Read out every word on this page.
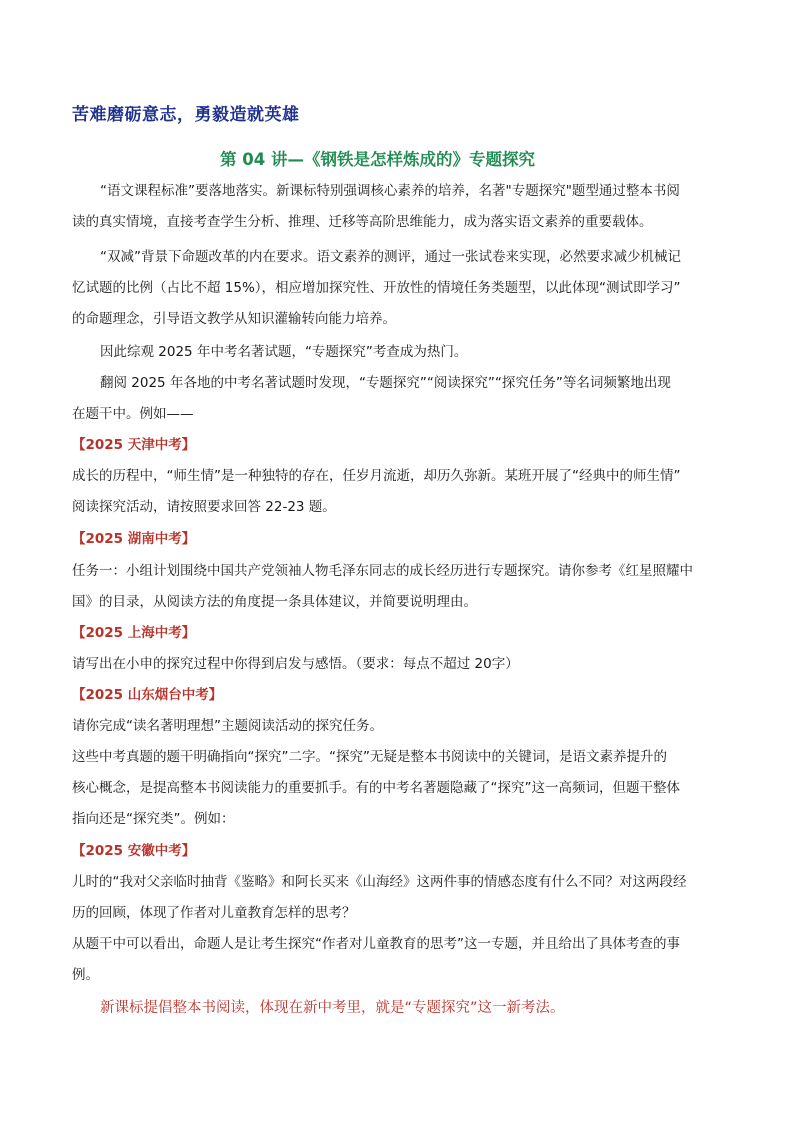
苦难磨砺意志，勇毅造就英雄
第 04 讲—《钢铁是怎样炼成的》专题探究
“语文课程标准”要落地落实。新课标特别强调核心素养的培养，名著"专题探究"题型通过整本书阅
读的真实情境，直接考查学生分析、推理、迁移等高阶思维能力，成为落实语文素养的重要载体。
“双减”背景下命题改革的内在要求。语文素养的测评，通过一张试卷来实现，必然要求减少机械记
忆试题的比例（占比不超 15%），相应增加探究性、开放性的情境任务类题型，以此体现“测试即学习”
的命题理念，引导语文教学从知识灌输转向能力培养。
因此综观 2025 年中考名著试题，“专题探究”考查成为热门。
翻阅 2025 年各地的中考名著试题时发现，“专题探究”“阅读探究”“探究任务”等名词频繁地出现
在题干中。例如——
【2025 天津中考】
成长的历程中，“师生情”是一种独特的存在，任岁月流逝，却历久弥新。某班开展了“经典中的师生情”
阅读探究活动，请按照要求回答 22-23 题。
【2025 湖南中考】
任务一：小组计划围绕中国共产党领袖人物毛泽东同志的成长经历进行专题探究。请你参考《红星照耀中
国》的目录，从阅读方法的角度提一条具体建议，并简要说明理由。
【2025 上海中考】
请写出在小申的探究过程中你得到启发与感悟。（要求：每点不超过 20字）
【2025 山东烟台中考】
请你完成“读名著明理想”主题阅读活动的探究任务。
这些中考真题的题干明确指向“探究”二字。“探究”无疑是整本书阅读中的关键词，是语文素养提升的
核心概念，是提高整本书阅读能力的重要抓手。有的中考名著题隐藏了“探究”这一高频词，但题干整体
指向还是“探究类”。例如：
【2025 安徽中考】
儿时的“我对父亲临时抽背《鉴略》和阿长买来《山海经》这两件事的情感态度有什么不同？对这两段经
历的回顾，体现了作者对儿童教育怎样的思考？
从题干中可以看出，命题人是让考生探究“作者对儿童教育的思考”这一专题，并且给出了具体考查的事
例。
新课标提倡整本书阅读，体现在新中考里，就是“专题探究”这一新考法。
